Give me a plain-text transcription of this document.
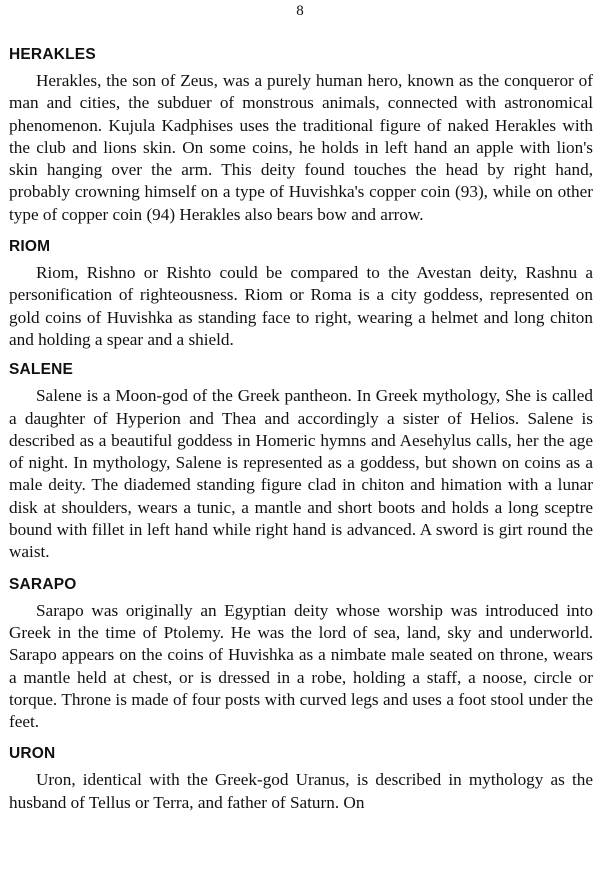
8
HERAKLES

Herakles, the son of Zeus, was a purely human hero, known as the conqueror of man and cities, the subduer of monstrous animals, connected with astronomical phenomenon. Kujula Kadphises uses the traditional figure of naked Herakles with the club and lions skin. On some coins, he holds in left hand an apple with lion's skin hanging over the arm. This deity found touches the head by right hand, probably crowning himself on a type of Huvishka's copper coin (93), while on other type of copper coin (94) Herakles also bears bow and arrow.

RIOM

Riom, Rishno or Rishto could be compared to the Avestan deity, Rashnu a personification of righteousness. Riom or Roma is a city goddess, represented on gold coins of Huvishka as standing face to right, wearing a helmet and long chiton and holding a spear and a shield.

SALENE

Salene is a Moon-god of the Greek pantheon. In Greek mythology, She is called a daughter of Hyperion and Thea and accordingly a sister of Helios. Salene is described as a beautiful goddess in Homeric hymns and Aesehylus calls, her the age of night. In mythology, Salene is represented as a goddess, but shown on coins as a male deity. The diademed standing figure clad in chiton and himation with a lunar disk at shoulders, wears a tunic, a mantle and short boots and holds a long sceptre bound with fillet in left hand while right hand is advanced. A sword is girt round the waist.

SARAPO

Sarapo was originally an Egyptian deity whose worship was introduced into Greek in the time of Ptolemy. He was the lord of sea, land, sky and underworld. Sarapo appears on the coins of Huvishka as a nimbate male seated on throne, wears a mantle held at chest, or is dressed in a robe, holding a staff, a noose, circle or torque. Throne is made of four posts with curved legs and uses a foot stool under the feet.

URON

Uron, identical with the Greek-god Uranus, is described in mythology as the husband of Tellus or Terra, and father of Saturn. On
